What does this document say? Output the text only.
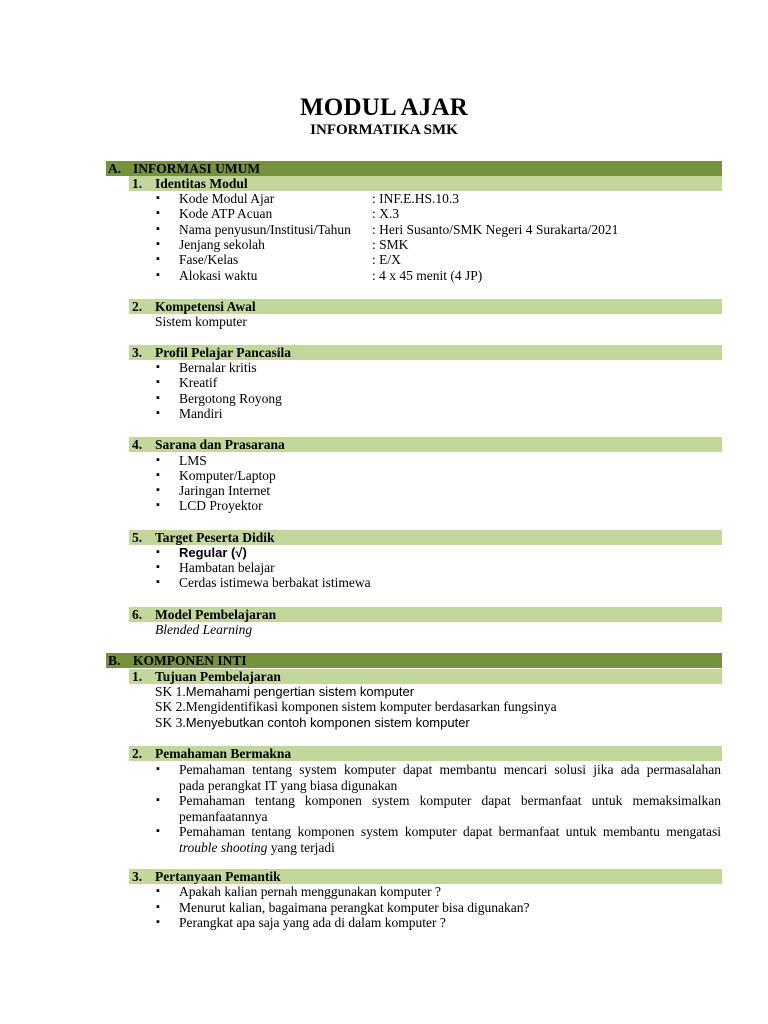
MODUL AJAR
INFORMATIKA SMK
A. INFORMASI UMUM
1. Identitas Modul
▪ Kode Modul Ajar	: INF.E.HS.10.3
▪ Kode ATP Acuan	: X.3
▪ Nama penyusun/Institusi/Tahun : Heri Susanto/SMK Negeri 4 Surakarta/2021
▪ Jenjang sekolah	: SMK
▪ Fase/Kelas	: E/X
▪ Alokasi waktu	: 4 x 45 menit (4 JP)
2. Kompetensi Awal
Sistem komputer
3. Profil Pelajar Pancasila
▪ Bernalar kritis
▪ Kreatif
▪ Bergotong Royong
▪ Mandiri
4. Sarana dan Prasarana
▪ LMS
▪ Komputer/Laptop
▪ Jaringan Internet
▪ LCD Proyektor
5. Target Peserta Didik
▪ Regular (√)
▪ Hambatan belajar
▪ Cerdas istimewa berbakat istimewa
6. Model Pembelajaran
Blended Learning
B. KOMPONEN INTI
1. Tujuan Pembelajaran
SK 1.Memahami pengertian sistem komputer
SK 2.Mengidentifikasi komponen sistem komputer berdasarkan fungsinya
SK 3.Menyebutkan contoh komponen sistem komputer
2. Pemahaman Bermakna
▪ Pemahaman tentang system komputer dapat membantu mencari solusi jika ada permasalahan
pada perangkat IT yang biasa digunakan
▪ Pemahaman tentang komponen system komputer dapat bermanfaat untuk memaksimalkan
pemanfaatannya
▪ Pemahaman tentang komponen system komputer dapat bermanfaat untuk membantu mengatasi
trouble shooting yang terjadi
3. Pertanyaan Pemantik
▪ Apakah kalian pernah menggunakan komputer ?
▪ Menurut kalian, bagaimana perangkat komputer bisa digunakan?
▪ Perangkat apa saja yang ada di dalam komputer ?
